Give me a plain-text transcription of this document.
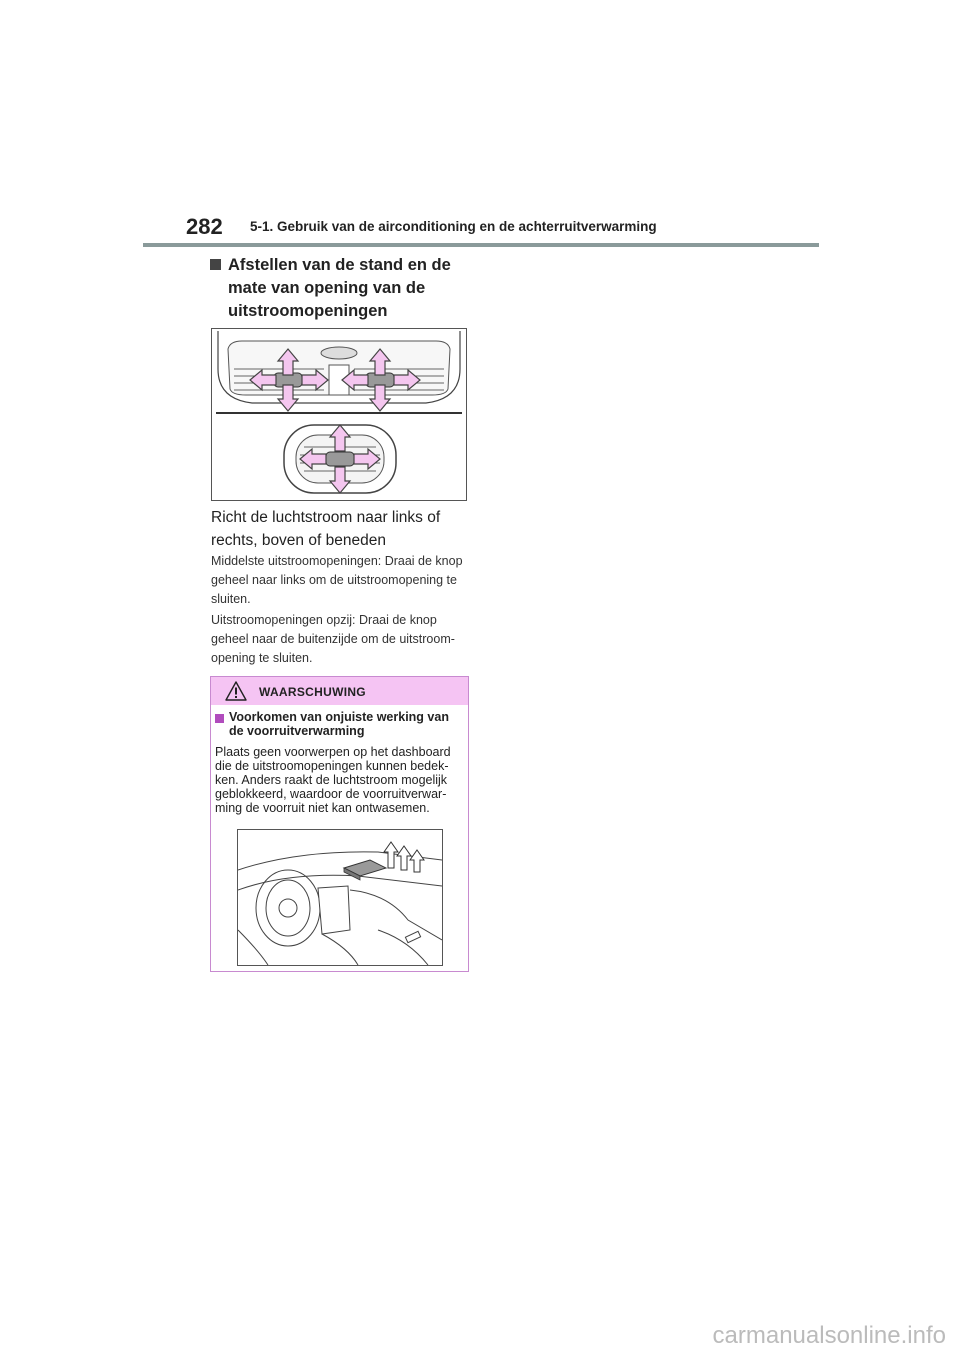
282 5-1. Gebruik van de airconditioning en de achterruitverwarming
Afstellen van de stand en de mate van opening van de uitstroomopeningen
Richt de luchtstroom naar links of rechts, boven of beneden
Middelste uitstroomopeningen: Draai de knop geheel naar links om de uitstroomopening te sluiten.
Uitstroomopeningen opzij: Draai de knop geheel naar de buitenzijde om de uitstroomopening te sluiten.
WAARSCHUWING
Voorkomen van onjuiste werking van de voorruitverwarming
Plaats geen voorwerpen op het dashboard die de uitstroomopeningen kunnen bedekken. Anders raakt de luchtstroom mogelijk geblokkeerd, waardoor de voorruitverwarming de voorruit niet kan ontwasemen.
carmanualsonline.info
